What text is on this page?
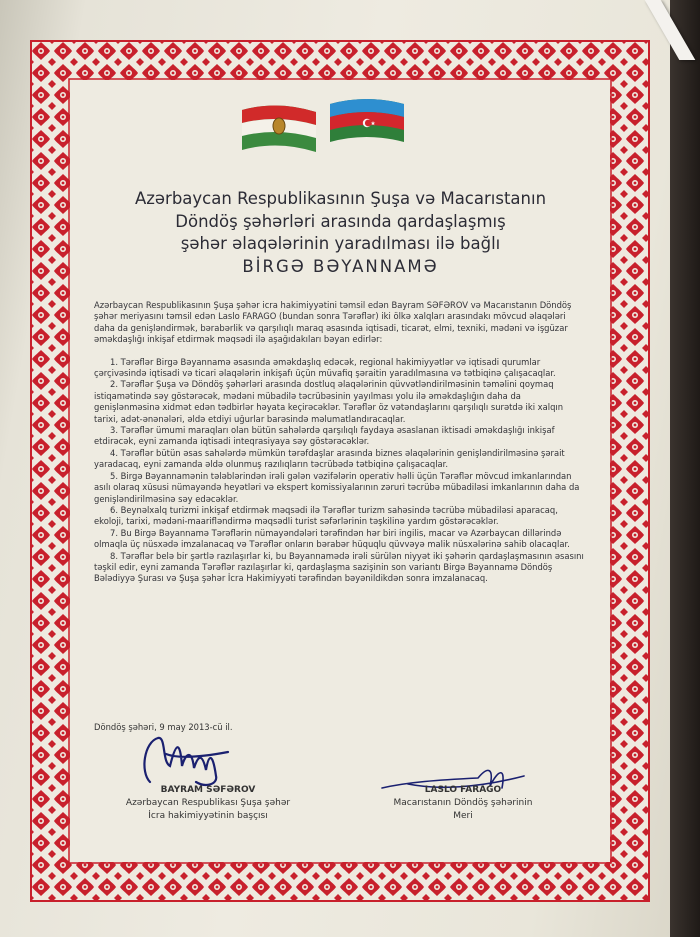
Azərbaycan Respublikasının Şuşa və Macarıstanın
Döndöş şəhərləri arasında qardaşlaşmış
şəhər əlaqələrinin yaradılması ilə bağlı
BİRGƏ BƏYANNAMƏ

Azərbaycan Respublikasının Şuşa şəhər icra hakimiyyətini təmsil edən Bayram SƏFƏROV və Macarıstanın Döndöş şəhər meriyasını təmsil edən Laslo FARAGO (bundan sonra Tərəflər) iki ölkə xalqları arasındakı mövcud əlaqələri daha da genişləndirmək, bərabərlik və qarşılıqlı maraq əsasında iqtisadi, ticarət, elmi, texniki, mədəni və işgüzar əməkdaşlığı inkişaf etdirmək məqsədi ilə aşağıdakıları bəyan edirlər:

1. Tərəflər Birgə Bəyannamə əsasında əməkdaşlıq edəcək, regional hakimiyyətlər və iqtisadi qurumlar çərçivəsində iqtisadi və ticari əlaqələrin inkişafı üçün müvafiq şəraitin yaradılmasına və tətbiqinə çalışacaqlar.

2. Tərəflər Şuşa və Döndöş şəhərləri arasında dostluq əlaqələrinin qüvvətləndirilməsinin təməlini qoymaq istiqamətində səy göstərəcək, mədəni mübadilə təcrübəsinin yayılması yolu ilə əməkdaşlığın daha da genişlənməsinə xidmət edən tədbirlər həyata keçirəcəklər. Tərəflər öz vətəndaşlarını qarşılıqlı surətdə iki xalqın tarixi, adət-ənənələri, əldə etdiyi uğurlar barəsində məlumatlandıracaqlar.

3. Tərəflər ümumi maraqları olan bütün sahələrdə qarşılıqlı faydaya əsaslanan iktisadi əməkdaşlığı inkişaf etdirəcək, eyni zamanda iqtisadi inteqrasiyaya səy göstərəcəklər.

4. Tərəflər bütün əsas sahələrdə mümkün tərəfdaşlar arasında biznes əlaqələrinin genişləndirilməsinə şərait yaradacaq, eyni zamanda əldə olunmuş razılıqların təcrübədə tətbiqinə çalışacaqlar.

5. Birgə Bəyannamənin tələblərindən irəli gələn vəzifələrin operativ həlli üçün Tərəflər mövcud imkanlarından asılı olaraq xüsusi nümayəndə heyətləri və ekspert komissiyalarının zəruri təcrübə mübadiləsi imkanlarının daha da genişləndirilməsinə səy edəcəklər.

6. Beynəlxalq turizmi inkişaf etdirmək məqsədi ilə Tərəflər turizm sahəsində təcrübə mübadiləsi aparacaq, ekoloji, tarixi, mədəni-maarifləndirmə məqsədli turist səfərlərinin təşkilinə yardım göstərəcəklər.

7. Bu Birgə Bəyannamə Tərəflərin nümayəndələri tərəfindən hər biri ingilis, macar və Azərbaycan dillərində olmaqla üç nüsxədə imzalanacaq və Tərəflər onların bərabər hüquqlu qüvvəyə malik nüsxələrinə sahib olacaqlar.

8. Tərəflər belə bir şərtlə razılaşırlar ki, bu Bəyannamədə irəli sürülən niyyət iki şəhərin qardaşlaşmasının əsasını təşkil edir, eyni zamanda Tərəflər razılaşırlar ki, qardaşlaşma sazişinin son variantı Birgə Bəyannamə Döndöş Bələdiyyə Şurası və Şuşa şəhər İcra Hakimiyyəti tərəfindən bəyənildikdən sonra imzalanacaq.

Döndöş şəhəri, 9 may 2013-cü il.
BAYRAM SƏFƏROV
Azərbaycan Respublikası Şuşa şəhər
İcra hakimiyyətinin başçısı
LASLO FARAGO
Macarıstanın Döndöş şəhərinin
Meri
